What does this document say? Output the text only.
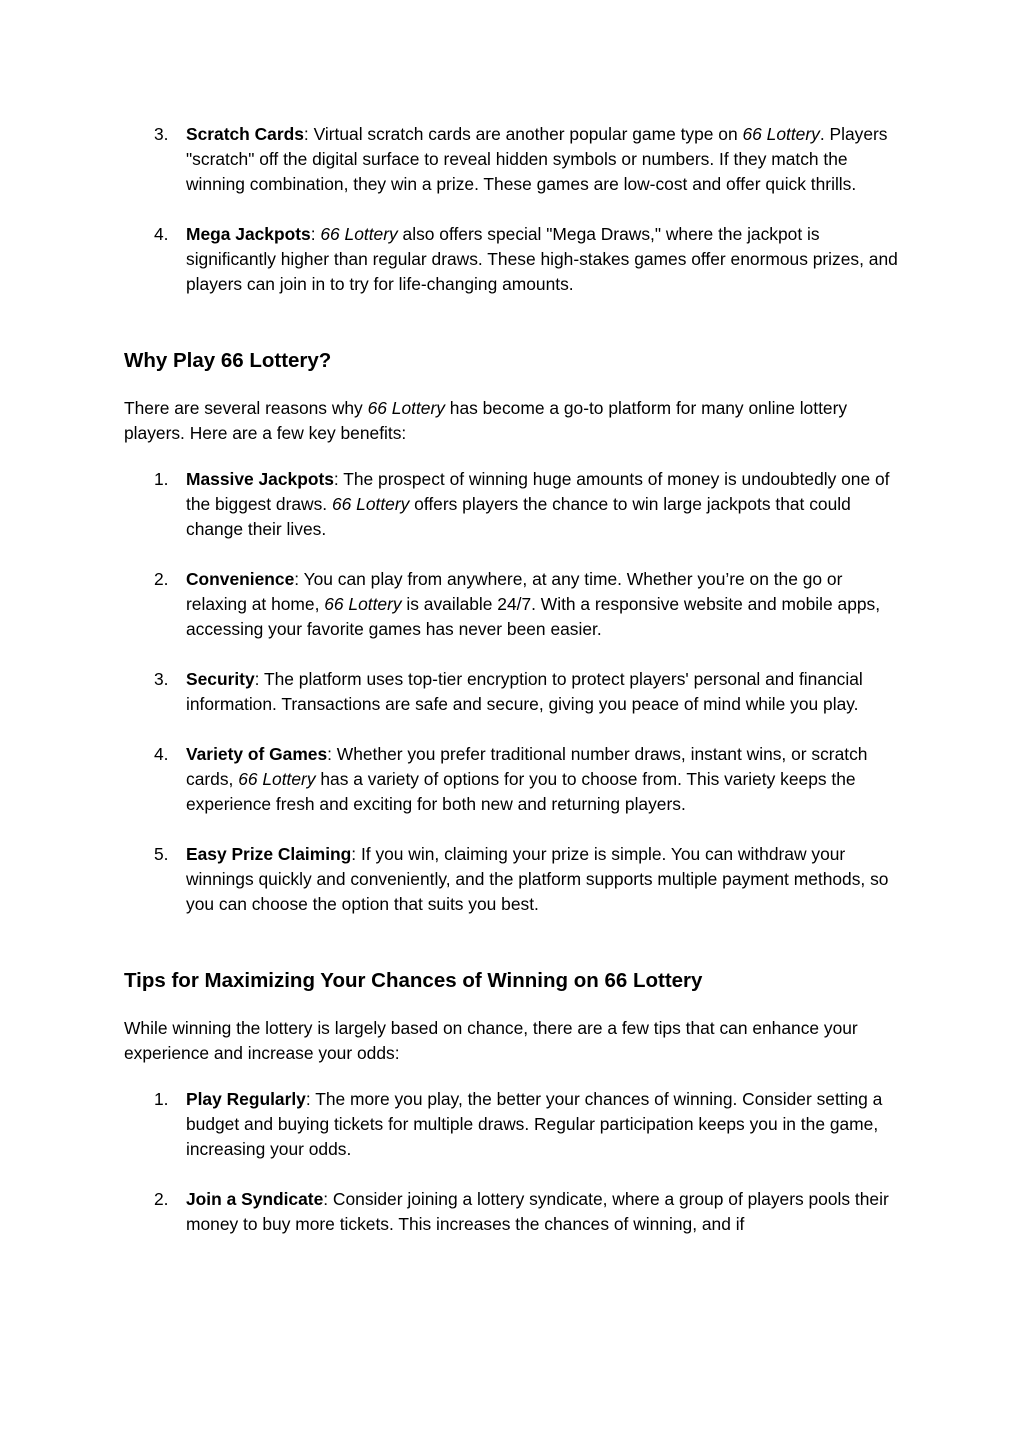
3. Scratch Cards: Virtual scratch cards are another popular game type on 66 Lottery. Players "scratch" off the digital surface to reveal hidden symbols or numbers. If they match the winning combination, they win a prize. These games are low-cost and offer quick thrills.
4. Mega Jackpots: 66 Lottery also offers special "Mega Draws," where the jackpot is significantly higher than regular draws. These high-stakes games offer enormous prizes, and players can join in to try for life-changing amounts.
Why Play 66 Lottery?

There are several reasons why 66 Lottery has become a go-to platform for many online lottery players. Here are a few key benefits:

1. Massive Jackpots: The prospect of winning huge amounts of money is undoubtedly one of the biggest draws. 66 Lottery offers players the chance to win large jackpots that could change their lives.
2. Convenience: You can play from anywhere, at any time. Whether you’re on the go or relaxing at home, 66 Lottery is available 24/7. With a responsive website and mobile apps, accessing your favorite games has never been easier.
3. Security: The platform uses top-tier encryption to protect players' personal and financial information. Transactions are safe and secure, giving you peace of mind while you play.
4. Variety of Games: Whether you prefer traditional number draws, instant wins, or scratch cards, 66 Lottery has a variety of options for you to choose from. This variety keeps the experience fresh and exciting for both new and returning players.
5. Easy Prize Claiming: If you win, claiming your prize is simple. You can withdraw your winnings quickly and conveniently, and the platform supports multiple payment methods, so you can choose the option that suits you best.
Tips for Maximizing Your Chances of Winning on 66 Lottery

While winning the lottery is largely based on chance, there are a few tips that can enhance your experience and increase your odds:

1. Play Regularly: The more you play, the better your chances of winning. Consider setting a budget and buying tickets for multiple draws. Regular participation keeps you in the game, increasing your odds.
2. Join a Syndicate: Consider joining a lottery syndicate, where a group of players pools their money to buy more tickets. This increases the chances of winning, and if
